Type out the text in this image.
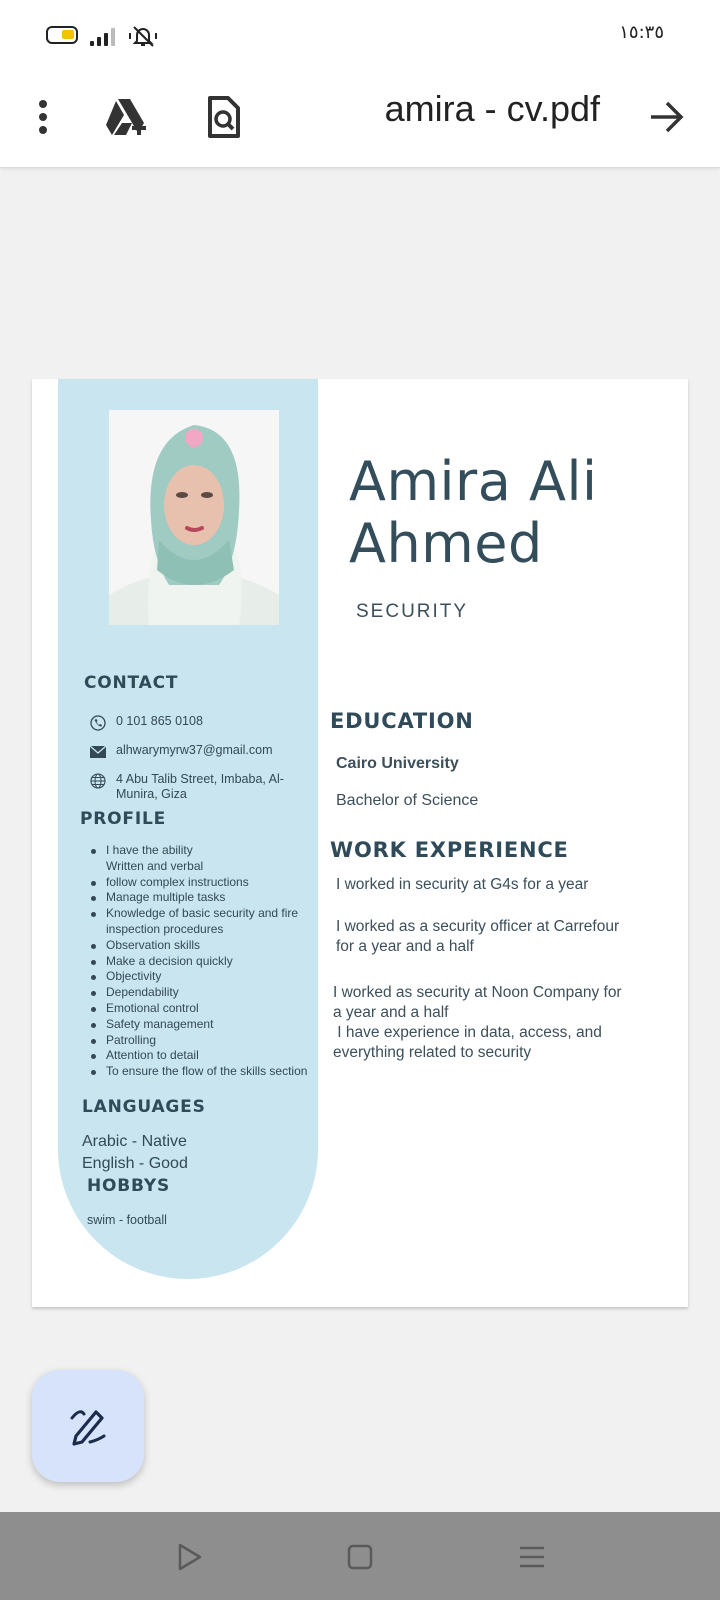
١٥:٣٥
amira - cv.pdf
Amira Ali
Ahmed
SECURITY
CONTACT
0 101 865 0108
alhwarymyrw37@gmail.com
4 Abu Talib Street, Imbaba, Al-
Munira, Giza
PROFILE
I have the ability
Written and verbal
follow complex instructions
Manage multiple tasks
Knowledge of basic security and fire
inspection procedures
Observation skills
Make a decision quickly
Objectivity
Dependability
Emotional control
Safety management
Patrolling
Attention to detail
To ensure the flow of the skills section
LANGUAGES
Arabic - Native
English - Good
HOBBYS
swim - football
EDUCATION
Cairo University
Bachelor of Science
WORK EXPERIENCE
I worked in security at G4s for a year
I worked as a security officer at Carrefour
for a year and a half
I worked as security at Noon Company for
a year and a half
I have experience in data, access, and
everything related to security
